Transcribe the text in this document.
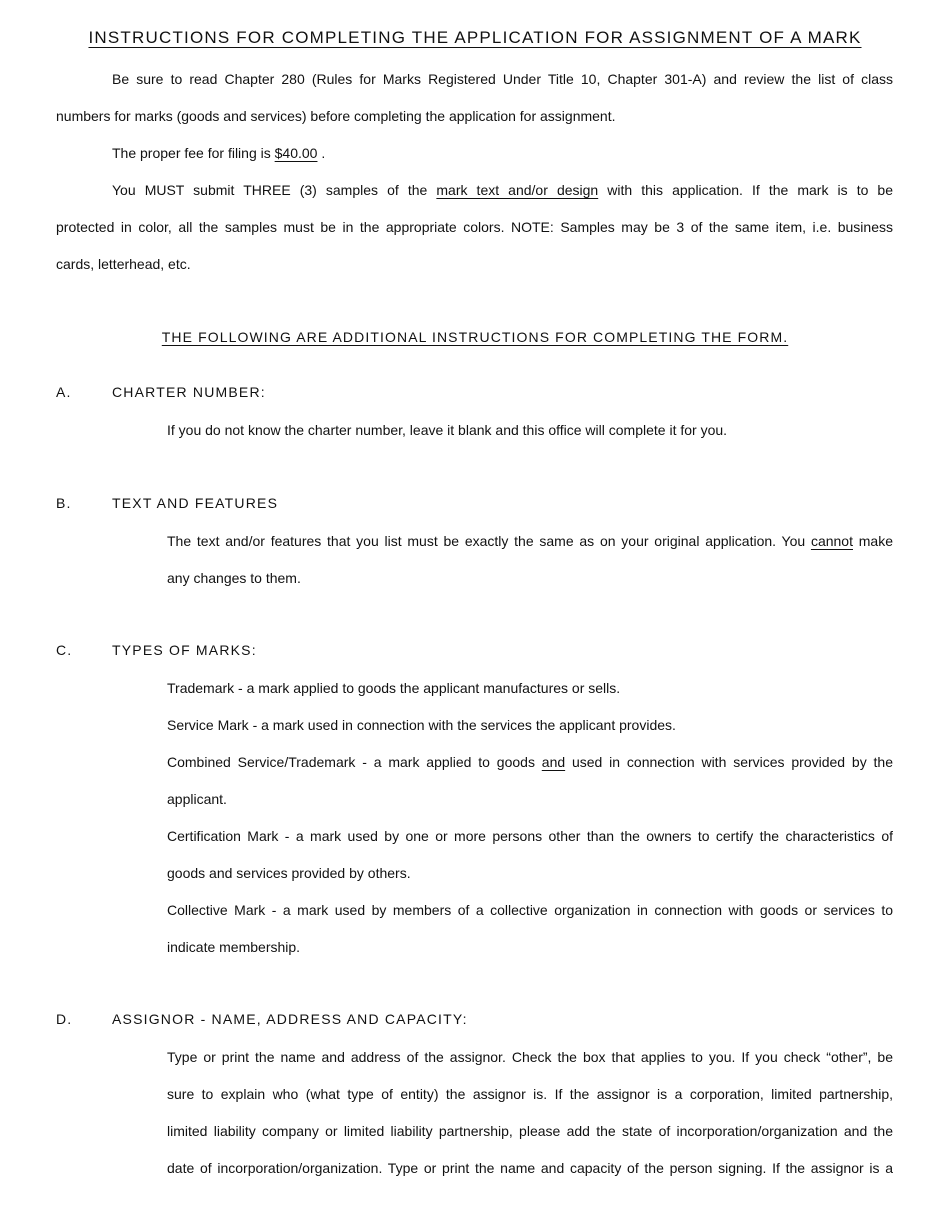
INSTRUCTIONS FOR COMPLETING THE APPLICATION FOR ASSIGNMENT OF A MARK
Be sure to read Chapter 280 (Rules for Marks Registered Under Title 10, Chapter 301-A) and review the list of class
numbers for marks (goods and services) before completing the application for assignment.
The proper fee for filing is $40.00 .
You MUST submit THREE (3) samples of the mark text and/or design with this application. If the mark is to be
protected in color, all the samples must be in the appropriate colors. NOTE: Samples may be 3 of the same item, i.e. business
cards, letterhead, etc.
THE FOLLOWING ARE ADDITIONAL INSTRUCTIONS FOR COMPLETING THE FORM.
A.	CHARTER NUMBER:
If you do not know the charter number, leave it blank and this office will complete it for you.
B.	TEXT AND FEATURES
The text and/or features that you list must be exactly the same as on your original application. You cannot make
any changes to them.
C.	TYPES OF MARKS:
Trademark - a mark applied to goods the applicant manufactures or sells.
Service Mark - a mark used in connection with the services the applicant provides.
Combined Service/Trademark - a mark applied to goods and used in connection with services provided by the
applicant.
Certification Mark - a mark used by one or more persons other than the owners to certify the characteristics of
goods and services provided by others.
Collective Mark - a mark used by members of a collective organization in connection with goods or services to
indicate membership.
D.	ASSIGNOR - NAME, ADDRESS AND CAPACITY:
Type or print the name and address of the assignor. Check the box that applies to you. If you check “other”, be
sure to explain who (what type of entity) the assignor is. If the assignor is a corporation, limited partnership,
limited liability company or limited liability partnership, please add the state of incorporation/organization and the
date of incorporation/organization. Type or print the name and capacity of the person signing. If the assignor is a
